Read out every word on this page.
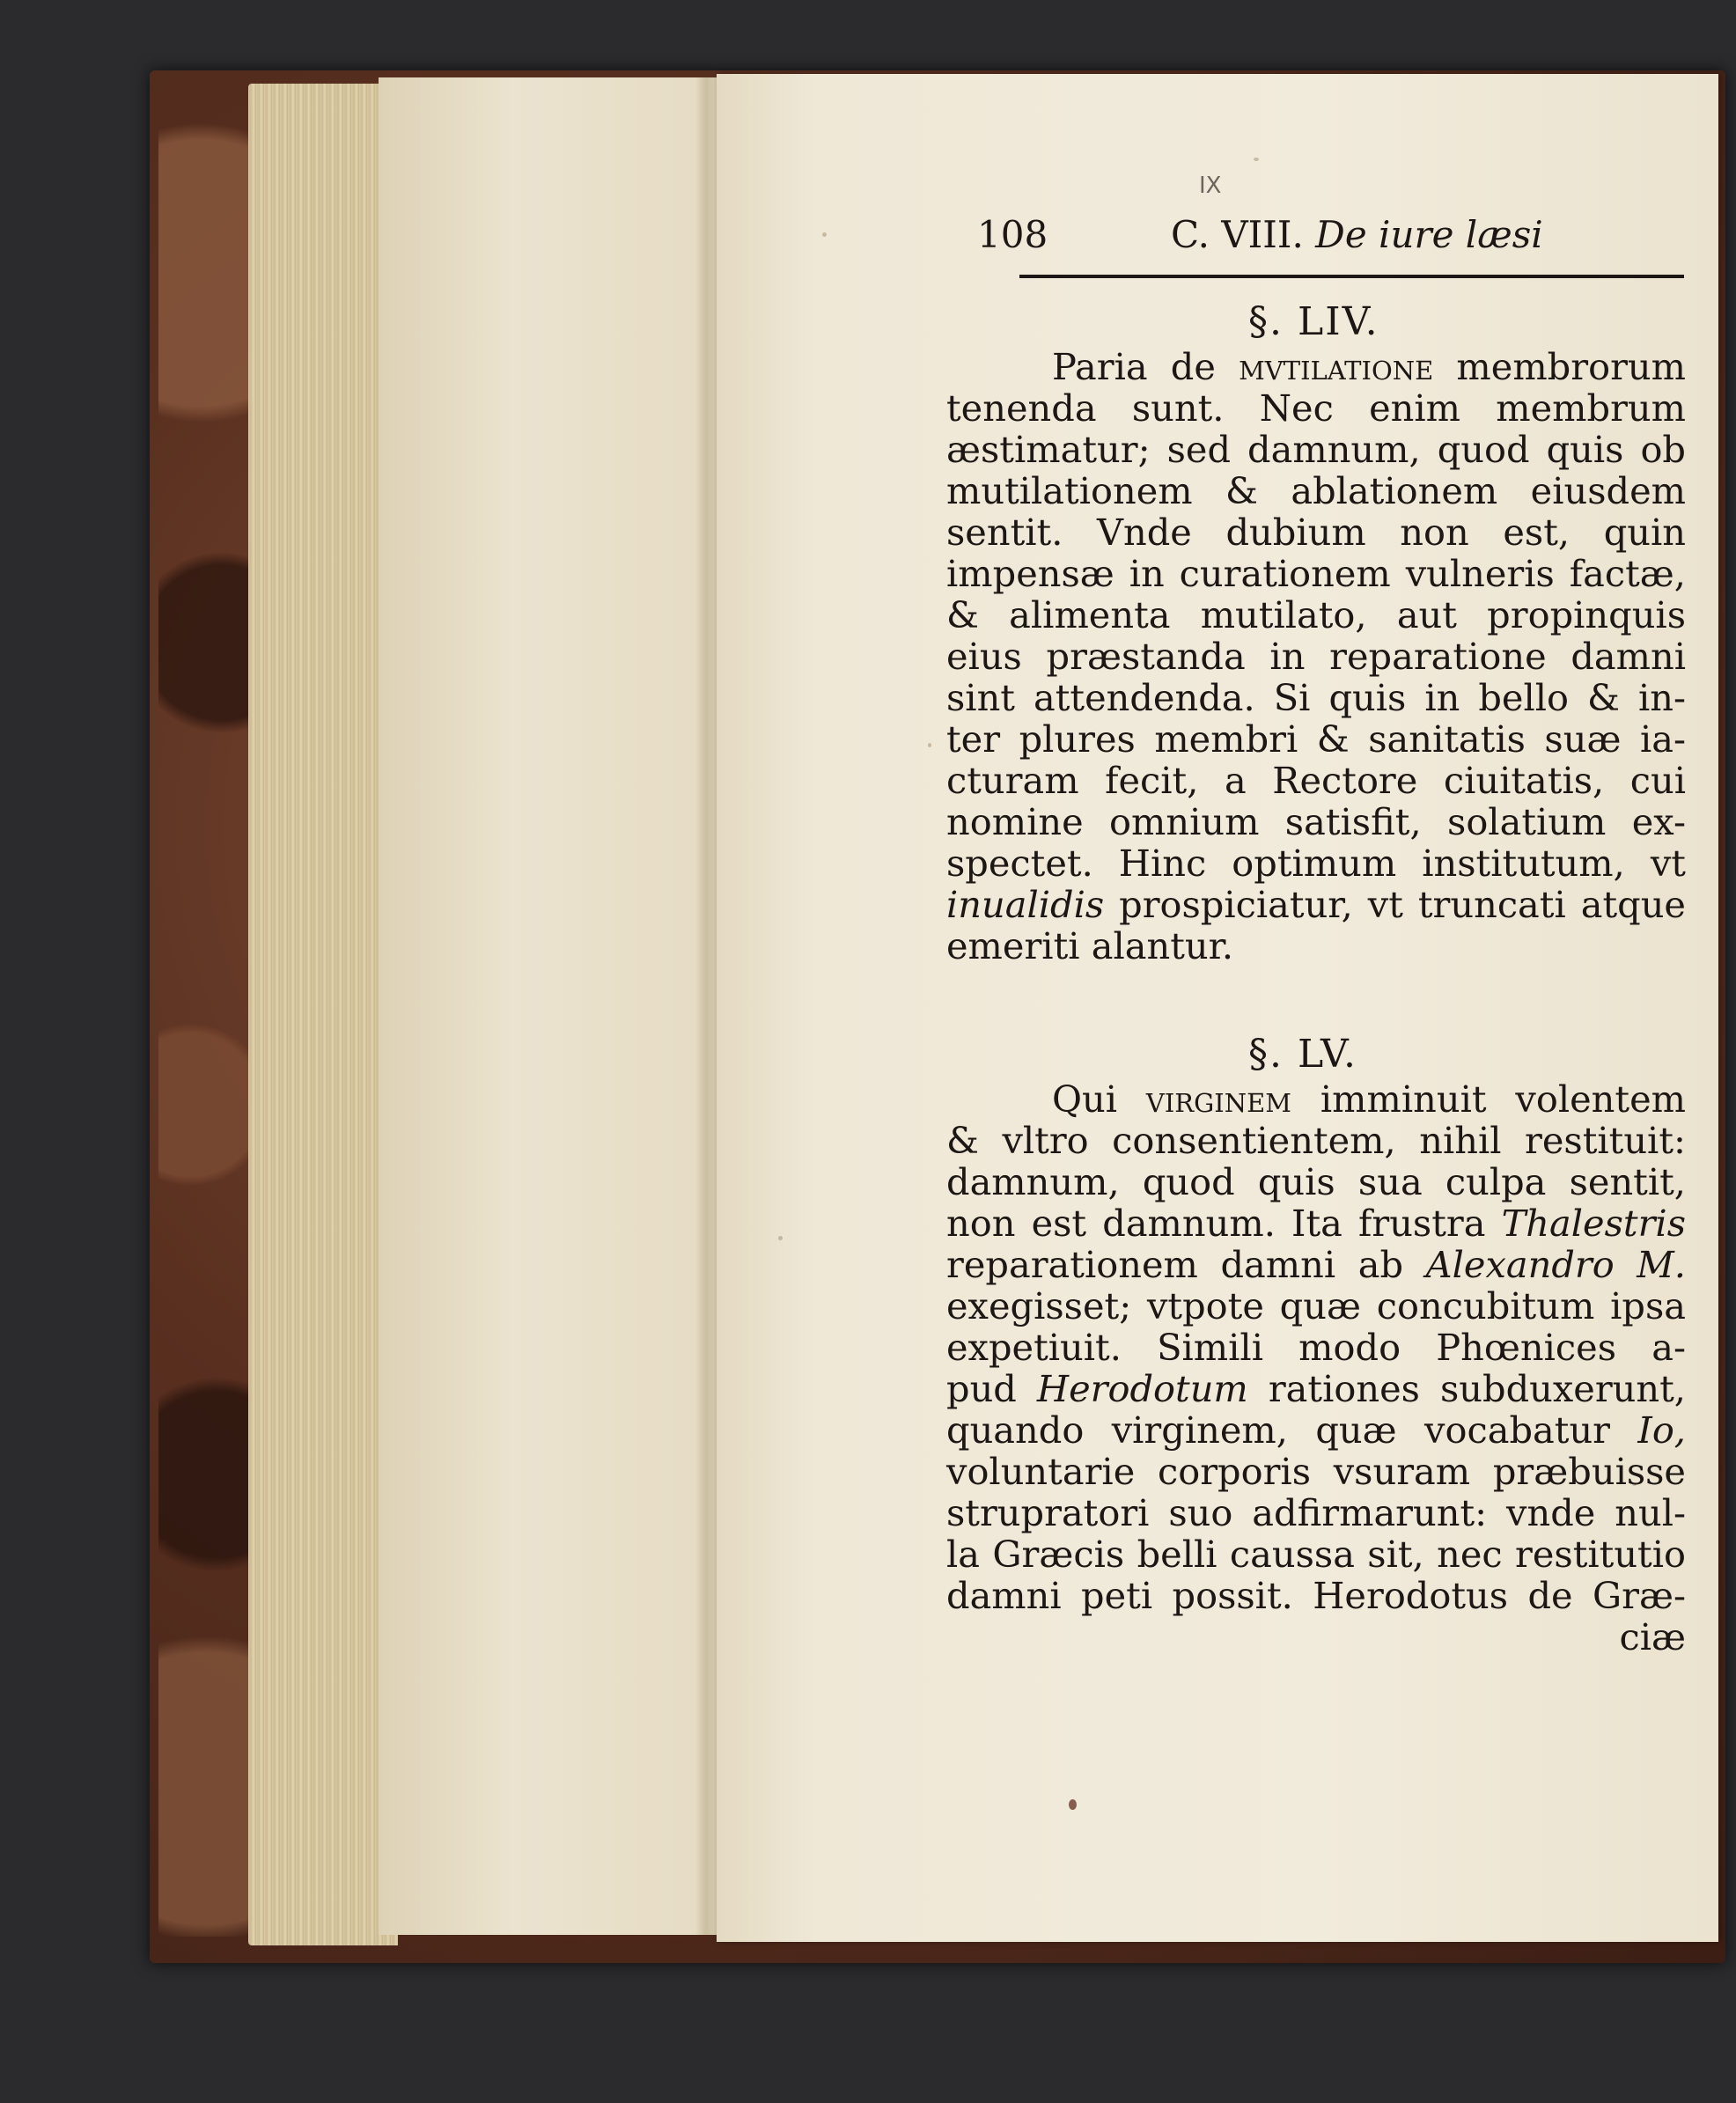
IX
108	C. VIII. De iure læsi
§. LIV.
Paria de mvtilatione membrorum
tenenda sunt. Nec enim membrum
æstimatur; sed damnum, quod quis ob
mutilationem & ablationem eiusdem
sentit. Vnde dubium non est, quin
impensæ in curationem vulneris factæ,
& alimenta mutilato, aut propinquis
eius præstanda in reparatione damni
sint attendenda. Si quis in bello & in-
ter plures membri & sanitatis suæ ia-
cturam fecit, a Rectore ciuitatis, cui
nomine omnium satisfit, solatium ex-
spectet. Hinc optimum institutum, vt
inualidis prospiciatur, vt truncati atque
emeriti alantur.
§. LV.
Qui virginem imminuit volentem
& vltro consentientem, nihil restituit:
damnum, quod quis sua culpa sentit,
non est damnum. Ita frustra Thalestris
reparationem damni ab Alexandro M.
exegisset; vtpote quæ concubitum ipsa
expetiuit. Simili modo Phœnices a-
pud Herodotum rationes subduxerunt,
quando virginem, quæ vocabatur Io,
voluntarie corporis vsuram præbuisse
strupratori suo adfirmarunt: vnde nul-
la Græcis belli caussa sit, nec restitutio
damni peti possit. Herodotus de Græ-
ciæ
